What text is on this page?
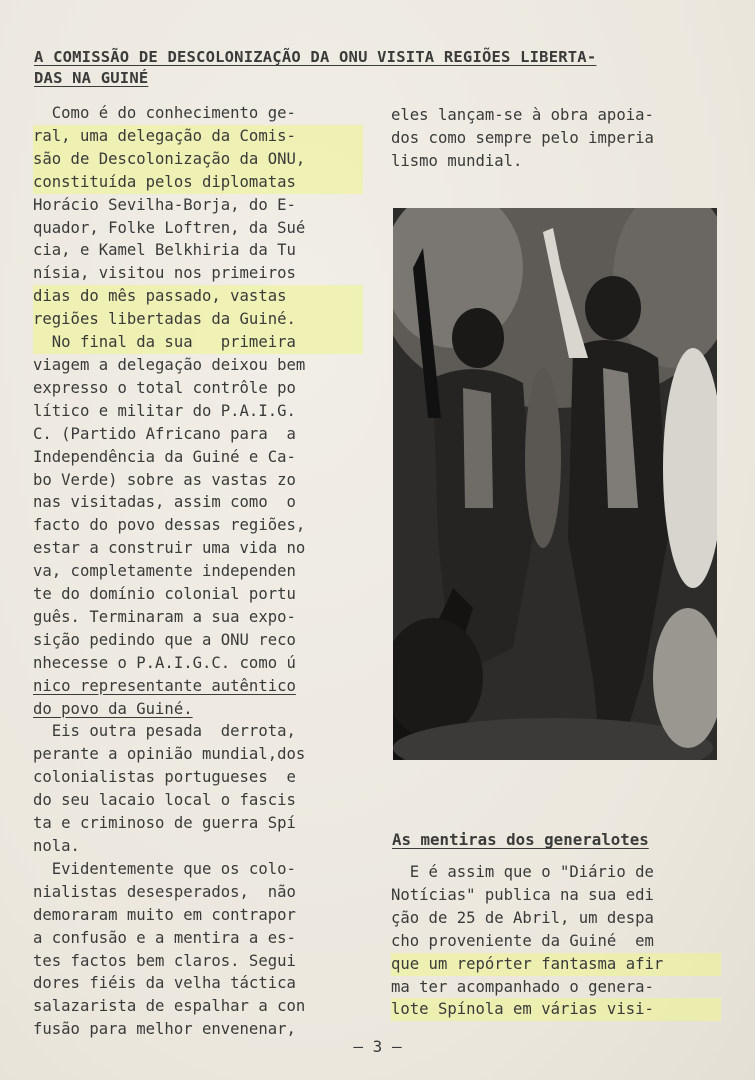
A COMISSÃO DE DESCOLONIZAÇÃO DA ONU VISITA REGIÕES LIBERTA-
DAS NA GUINÉ

Como é do conhecimento ge-

ral, uma delegação da Comis-

são de Descolonização da ONU,

constituída pelos diplomatas

Horácio Sevilha-Borja, do E-

quador, Folke Loftren, da Sué

cia, e Kamel Belkhiria da Tu

nísia, visitou nos primeiros

dias do mês passado, vastas

regiões libertadas da Guiné.

No final da sua   primeira

viagem a delegação deixou bem

expresso o total contrôle po

lítico e militar do P.A.I.G.

C. (Partido Africano para  a

Independência da Guiné e Ca-

bo Verde) sobre as vastas zo

nas visitadas, assim como  o

facto do povo dessas regiões,

estar a construir uma vida no

va, completamente independen

te do domínio colonial portu

guês. Terminaram a sua expo-

sição pedindo que a ONU reco

nhecesse o P.A.I.G.C. como ú

nico representante autêntico

do povo da Guiné.

Eis outra pesada  derrota,

perante a opinião mundial,dos

colonialistas portugueses  e

do seu lacaio local o fascis

ta e criminoso de guerra Spí

nola.

Evidentemente que os colo-

nialistas desesperados,  não

demoraram muito em contrapor

a confusão e a mentira a es-

tes factos bem claros. Segui

dores fiéis da velha táctica

salazarista de espalhar a con

fusão para melhor envenenar,

eles lançam-se à obra apoia-

dos como sempre pelo imperia

lismo mundial.

As mentiras dos generalotes

E é assim que o "Diário de

Notícias" publica na sua edi

ção de 25 de Abril, um despa

cho proveniente da Guiné  em

que um repórter fantasma afir

ma ter acompanhado o genera-

lote Spínola em várias visi-

— 3 —
